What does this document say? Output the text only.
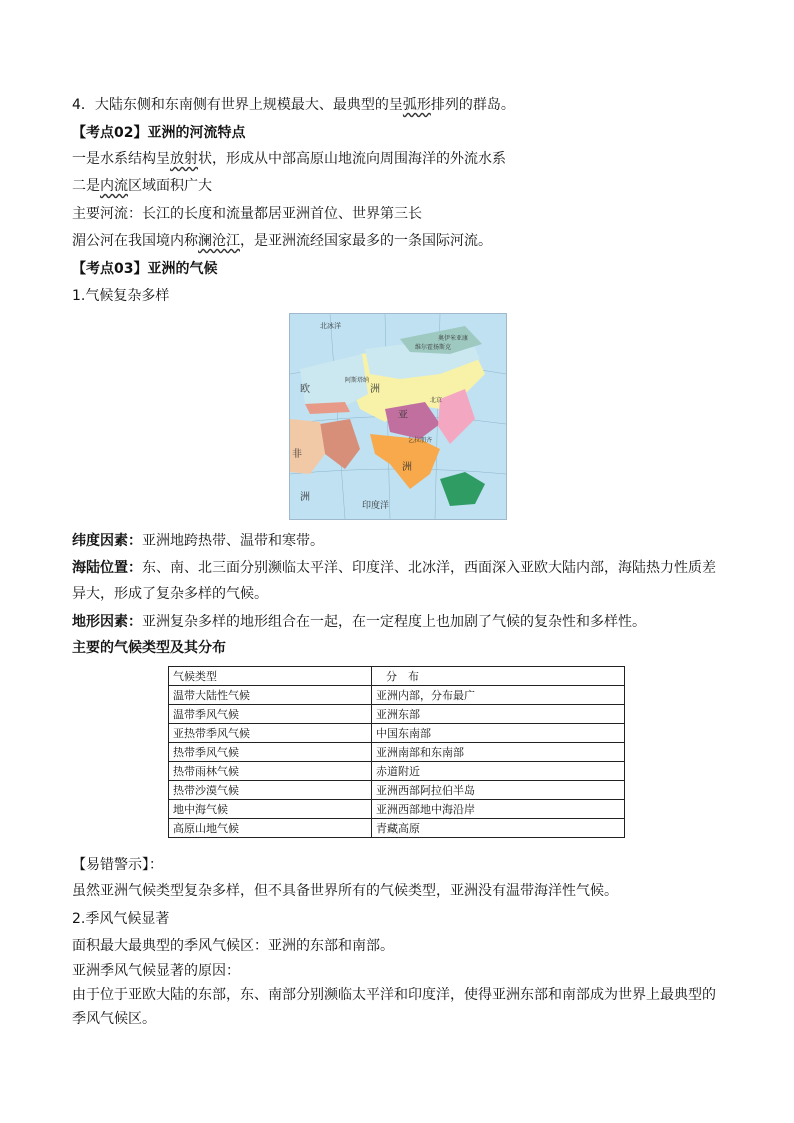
4．大陆东侧和东南侧有世界上规模最大、最典型的呈弧形排列的群岛。
【考点02】亚洲的河流特点
一是水系结构呈放射状，形成从中部高原山地流向周围海洋的外流水系
二是内流区域面积广大
主要河流：长江的长度和流量都居亚洲首位、世界第三长
湄公河在我国境内称澜沧江，是亚洲流经国家最多的一条国际河流。
【考点03】亚洲的气候
1.气候复杂多样
北冰洋
欧	洲
亚
洲
非
洲
印度洋
奥伊米亚康
维尔霍扬斯克
阿斯塔纳
北京
乞拉朋齐
纬度因素：亚洲地跨热带、温带和寒带。
海陆位置：东、南、北三面分别濒临太平洋、印度洋、北冰洋，西面深入亚欧大陆内部，海陆热力性质差
异大，形成了复杂多样的气候。
地形因素：亚洲复杂多样的地形组合在一起，在一定程度上也加剧了气候的复杂性和多样性。
主要的气候类型及其分布
气候类型	分　布
温带大陆性气候	亚洲内部，分布最广
温带季风气候	亚洲东部
亚热带季风气候	中国东南部
热带季风气候	亚洲南部和东南部
热带雨林气候	赤道附近
热带沙漠气候	亚洲西部阿拉伯半岛
地中海气候	亚洲西部地中海沿岸
高原山地气候	青藏高原
【易错警示】：
虽然亚洲气候类型复杂多样，但不具备世界所有的气候类型，亚洲没有温带海洋性气候。
2.季风气候显著
面积最大最典型的季风气候区：亚洲的东部和南部。
亚洲季风气候显著的原因：
由于位于亚欧大陆的东部，东、南部分别濒临太平洋和印度洋，使得亚洲东部和南部成为世界上最典型的
季风气候区。
